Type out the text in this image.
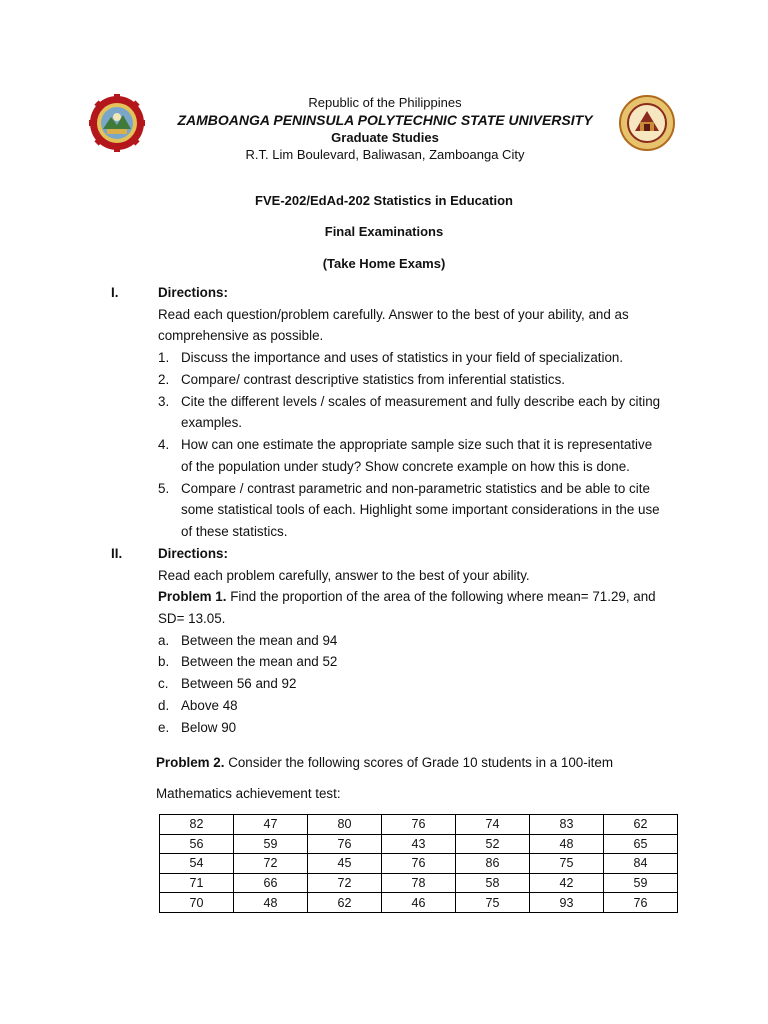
Republic of the Philippines
ZAMBOANGA PENINSULA POLYTECHNIC STATE UNIVERSITY
Graduate Studies
R.T. Lim Boulevard, Baliwasan, Zamboanga City
FVE-202/EdAd-202 Statistics in Education
Final Examinations
(Take Home Exams)
I.	Directions:
Read each question/problem carefully. Answer to the best of your ability, and as
comprehensive as possible.
1. Discuss the importance and uses of statistics in your field of specialization.
2. Compare/ contrast descriptive statistics from inferential statistics.
3. Cite the different levels / scales of measurement and fully describe each by citing
examples.
4. How can one estimate the appropriate sample size such that it is representative
of the population under study? Show concrete example on how this is done.
5. Compare / contrast parametric and non-parametric statistics and be able to cite
some statistical tools of each. Highlight some important considerations in the use
of these statistics.
II.	Directions:
Read each problem carefully, answer to the best of your ability.
Problem 1. Find the proportion of the area of the following where mean= 71.29, and
SD= 13.05.
a. Between the mean and 94
b. Between the mean and 52
c. Between 56 and 92
d. Above 48
e. Below 90
Problem 2. Consider the following scores of Grade 10 students in a 100-item
Mathematics achievement test:
82	47	80	76	74	83	62
56	59	76	43	52	48	65
54	72	45	76	86	75	84
71	66	72	78	58	42	59
70	48	62	46	75	93	76
